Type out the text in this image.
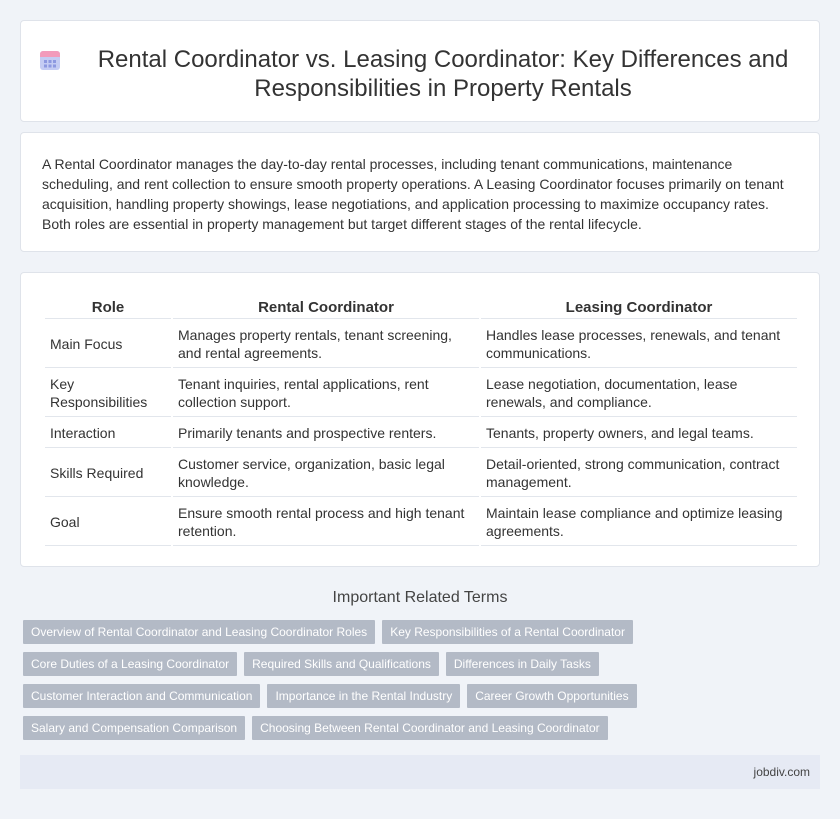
Rental Coordinator vs. Leasing Coordinator: Key Differences and Responsibilities in Property Rentals

A Rental Coordinator manages the day-to-day rental processes, including tenant communications, maintenance scheduling, and rent collection to ensure smooth property operations. A Leasing Coordinator focuses primarily on tenant acquisition, handling property showings, lease negotiations, and application processing to maximize occupancy rates. Both roles are essential in property management but target different stages of the rental lifecycle.

Role	Rental Coordinator	Leasing Coordinator
Main Focus	Manages property rentals, tenant screening, and rental agreements.	Handles lease processes, renewals, and tenant communications.
Key Responsibilities	Tenant inquiries, rental applications, rent collection support.	Lease negotiation, documentation, lease renewals, and compliance.
Interaction	Primarily tenants and prospective renters.	Tenants, property owners, and legal teams.
Skills Required	Customer service, organization, basic legal knowledge.	Detail-oriented, strong communication, contract management.
Goal	Ensure smooth rental process and high tenant retention.	Maintain lease compliance and optimize leasing agreements.
Important Related Terms
Overview of Rental Coordinator and Leasing Coordinator Roles	Key Responsibilities of a Rental Coordinator
Core Duties of a Leasing Coordinator	Required Skills and Qualifications	Differences in Daily Tasks
Customer Interaction and Communication	Importance in the Rental Industry	Career Growth Opportunities
Salary and Compensation Comparison	Choosing Between Rental Coordinator and Leasing Coordinator
jobdiv.com
